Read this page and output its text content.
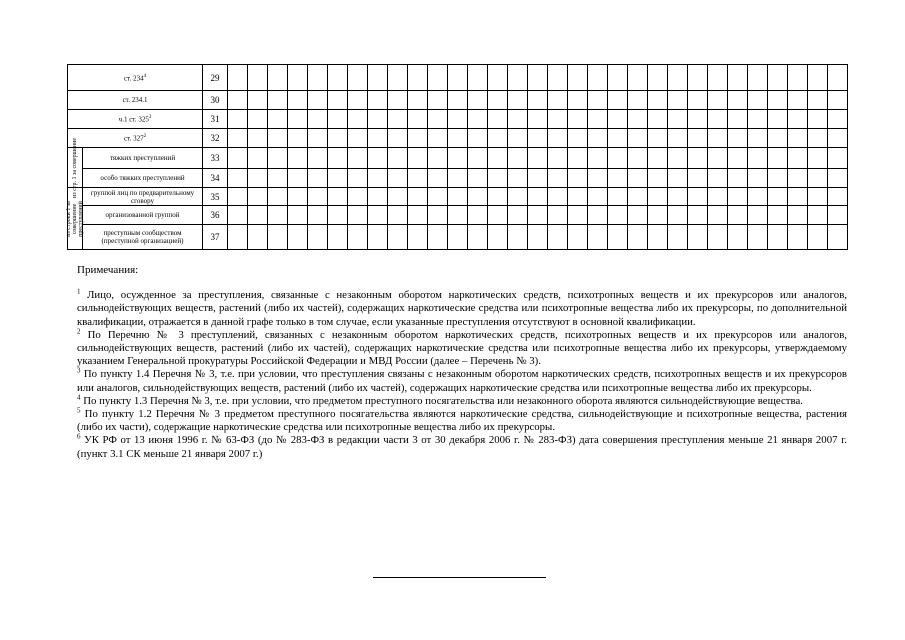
ст. $234^4$		29																															
ст. 234.1		30																															
ч.1 ст. $325^3$		31																															
ст. $327^2$		32																															

из стр. 1 за совершение	тяжких преступлений	33																															
	особо тяжких преступлений	34																															

из строки 1 за совершение преступлений	группой лиц по предварительному сговору	35																															
	организованной группой	36																															
	преступным сообществом (преступной организацией)	37																															

Примечания:

$^1$ Лицо, осужденное за преступления, связанные с незаконным оборотом наркотических средств, психотропных веществ и их прекурсоров или аналогов, сильнодействующих веществ, растений (либо их частей), содержащих наркотические средства или психотропные вещества либо их прекурсоры, по дополнительной квалификации, отражается в данной графе только в том случае, если указанные преступления отсутствуют в основной квалификации.

$^2$ По Перечню № 3 преступлений, связанных с незаконным оборотом наркотических средств, психотропных веществ и их прекурсоров или аналогов, сильнодействующих веществ, растений (либо их частей), содержащих наркотические средства или психотропные вещества либо их прекурсоры, утверждаемому указанием Генеральной прокуратуры Российской Федерации и МВД России (далее – Перечень № 3).

$^3$ По пункту 1.4 Перечня № 3, т.е. при условии, что преступления связаны с незаконным оборотом наркотических средств, психотропных веществ и их прекурсоров или аналогов, сильнодействующих веществ, растений (либо их частей), содержащих наркотические средства или психотропные вещества либо их прекурсоры.

$^4$ По пункту 1.3 Перечня № 3, т.е. при условии, что предметом преступного посягательства или незаконного оборота являются сильнодействующие вещества.

$^5$ По пункту 1.2 Перечня № 3 предметом преступного посягательства являются наркотические средства, сильнодействующие и психотропные вещества, растения (либо их части), содержащие наркотические средства или психотропные вещества либо их прекурсоры.

$^6$ УК РФ от 13 июня 1996 г. № 63-ФЗ (до № 283-ФЗ в редакции части 3 от 30 декабря 2006 г. № 283-ФЗ) дата совершения преступления меньше 21 января 2007 г. (пункт 3.1 СК меньше 21 января 2007 г.)
